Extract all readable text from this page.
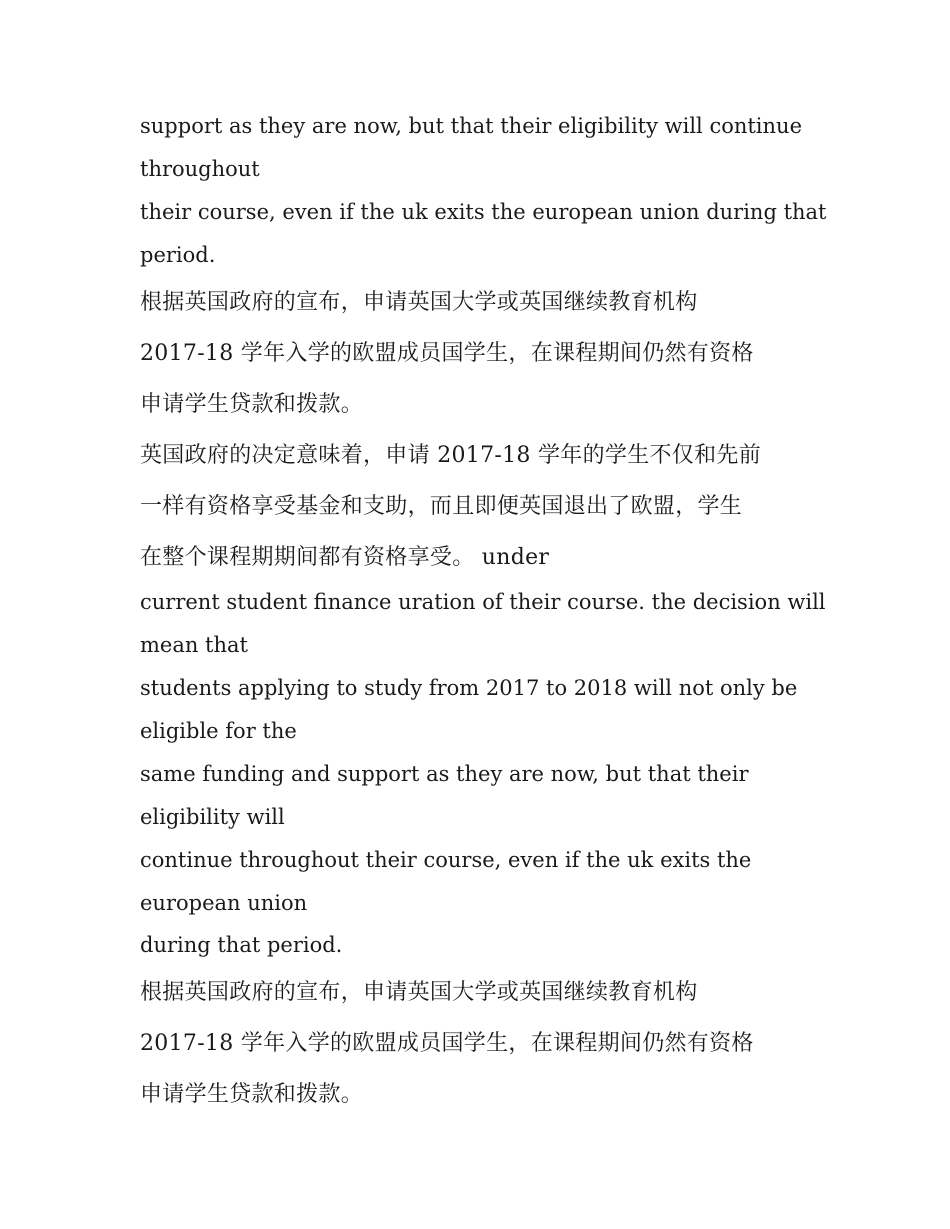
support as they are now, but that their eligibility will continue

throughout

their course, even if the uk exits the european union during that

period.

根据英国政府的宣布，申请英国大学或英国继续教育机构

2017-18 学年入学的欧盟成员国学生，在课程期间仍然有资格

申请学生贷款和拨款。

英国政府的决定意味着，申请 2017-18 学年的学生不仅和先前

一样有资格享受基金和支助，而且即便英国退出了欧盟，学生

在整个课程期期间都有资格享受。 under

current student finance uration of their course. the decision will

mean that

students applying to study from 2017 to 2018 will not only be

eligible for the

same funding and support as they are now, but that their

eligibility will

continue throughout their course, even if the uk exits the

european union

during that period.

根据英国政府的宣布，申请英国大学或英国继续教育机构

2017-18 学年入学的欧盟成员国学生，在课程期间仍然有资格

申请学生贷款和拨款。
